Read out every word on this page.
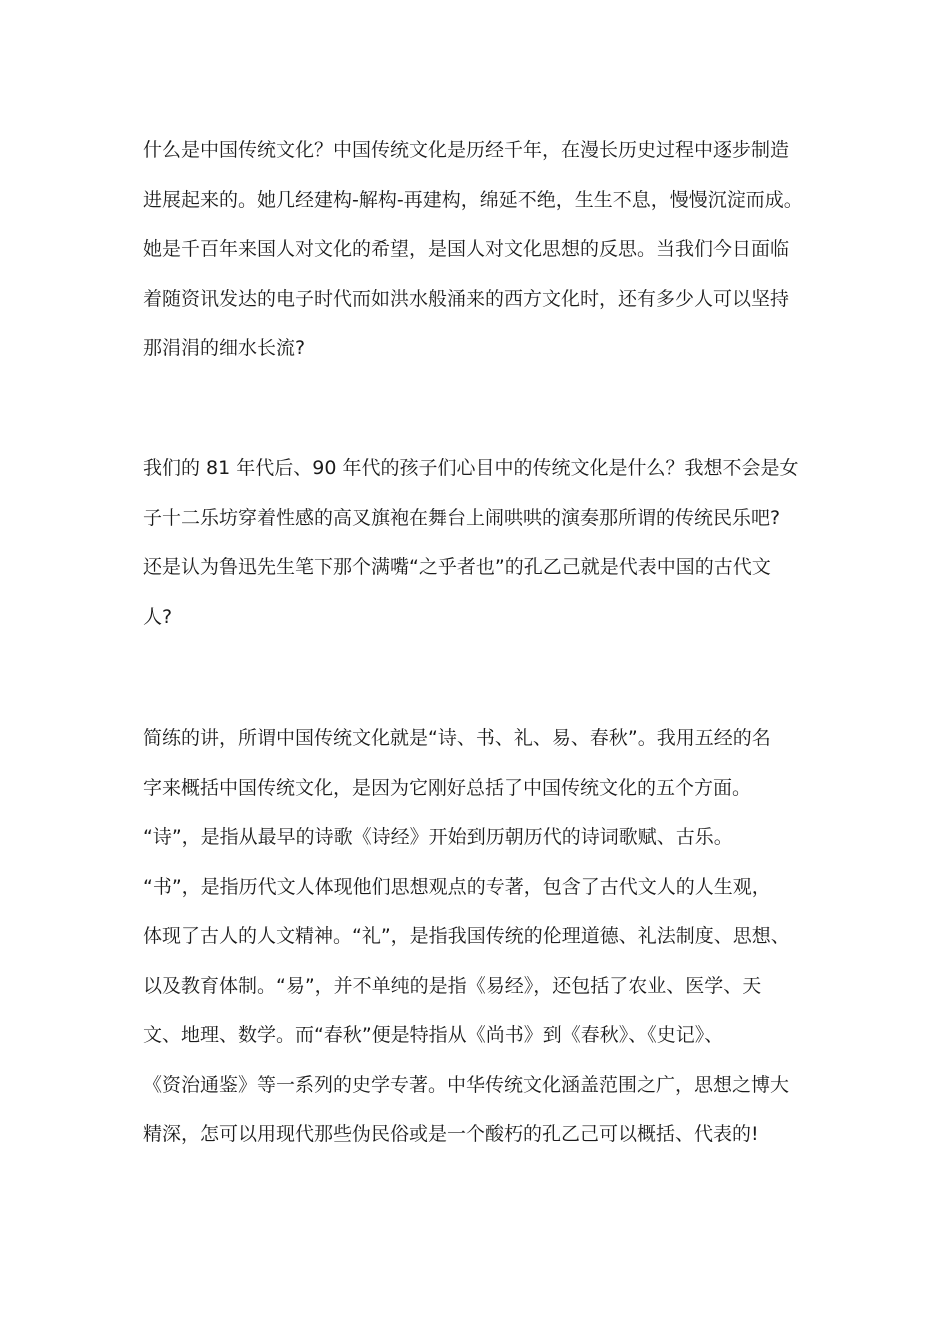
什么是中国传统文化？中国传统文化是历经千年，在漫长历史过程中逐步制造
进展起来的。她几经建构-解构-再建构，绵延不绝，生生不息，慢慢沉淀而成。
她是千百年来国人对文化的希望，是国人对文化思想的反思。当我们今日面临
着随资讯发达的电子时代而如洪水般涌来的西方文化时，还有多少人可以坚持
那涓涓的细水长流?

我们的 81 年代后、90 年代的孩子们心目中的传统文化是什么？我想不会是女
子十二乐坊穿着性感的高叉旗袍在舞台上闹哄哄的演奏那所谓的传统民乐吧?
还是认为鲁迅先生笔下那个满嘴“之乎者也”的孔乙己就是代表中国的古代文
人?

简练的讲，所谓中国传统文化就是“诗、书、礼、易、春秋”。我用五经的名
字来概括中国传统文化，是因为它刚好总括了中国传统文化的五个方面。
“诗”，是指从最早的诗歌《诗经》开始到历朝历代的诗词歌赋、古乐。
“书”，是指历代文人体现他们思想观点的专著，包含了古代文人的人生观，
体现了古人的人文精神。“礼”，是指我国传统的伦理道德、礼法制度、思想、
以及教育体制。“易”，并不单纯的是指《易经》，还包括了农业、医学、天
文、地理、数学。而“春秋”便是特指从《尚书》到《春秋》、《史记》、
《资治通鉴》等一系列的史学专著。中华传统文化涵盖范围之广，思想之博大
精深，怎可以用现代那些伪民俗或是一个酸朽的孔乙己可以概括、代表的!
